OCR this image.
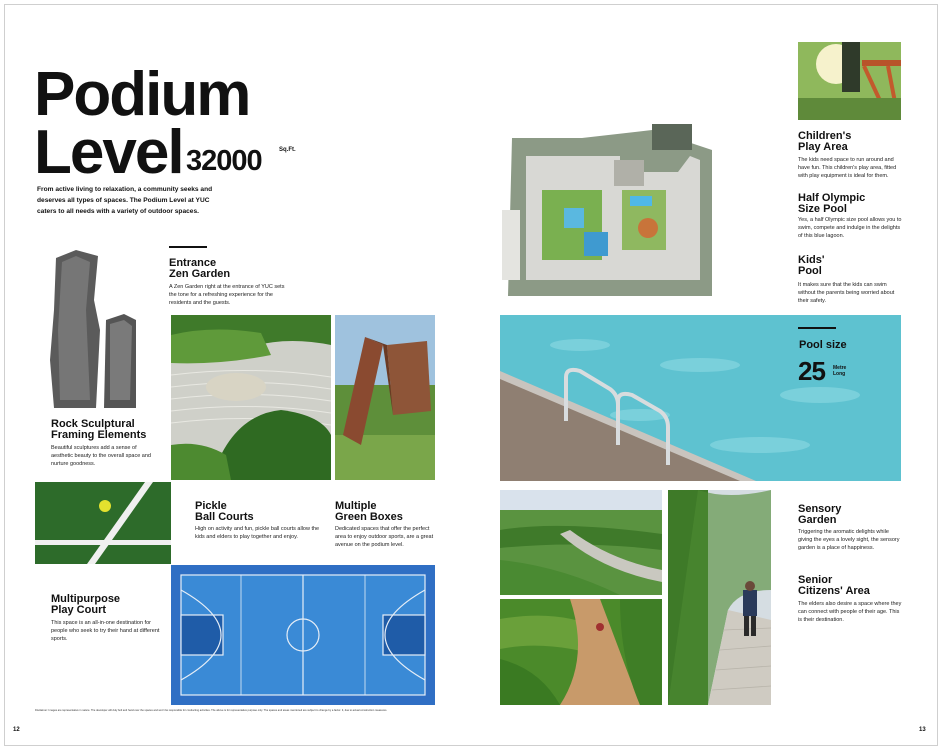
Podium
Level 32000	Sq.Ft.
From active living to relaxation, a community seeks and deserves all types of spaces. The Podium Level at YUC caters to all needs with a variety of outdoor spaces.
Rock Sculptural
Framing Elements
Beautiful sculptures add a sense of aesthetic beauty to the overall space and nurture goodness.
Entrance
Zen Garden
A Zen Garden right at the entrance of YUC sets the tone for a refreshing experience for the residents and the guests.
Pickle
Ball Courts
High on activity and fun, pickle ball courts allow the kids and elders to play together and enjoy.
Multiple
Green Boxes
Dedicated spaces that offer the perfect area to enjoy outdoor sports, are a great avenue on the podium level.
Multipurpose
Play Court
This space is an all-in-one destination for people who seek to try their hand at different sports.
Disclaimer: Images are representative in nature. The developer will duly bolt and hand over the spaces and won't be responsible for conducting activities. The above is for representative purpose only. The spaces and areas mentioned are subject to change by a factor. It, due to actual construction measures.
12
Children's
Play Area
The kids need space to run around and have fun. This children's play area, fitted with play equipment is ideal for them.
Half Olympic
Size Pool
Yes, a half Olympic size pool allows you to swim, compete and indulge in the delights of this blue lagoon.
Kids'
Pool
It makes sure that the kids can swim without the parents being worried about their safety.
Pool size
25 Metre
Long
Sensory
Garden
Triggering the aromatic delights while giving the eyes a lovely sight, the sensory garden is a place of happiness.
Senior
Citizens' Area
The elders also desire a space where they can connect with people of their age. This is their destination.
13
